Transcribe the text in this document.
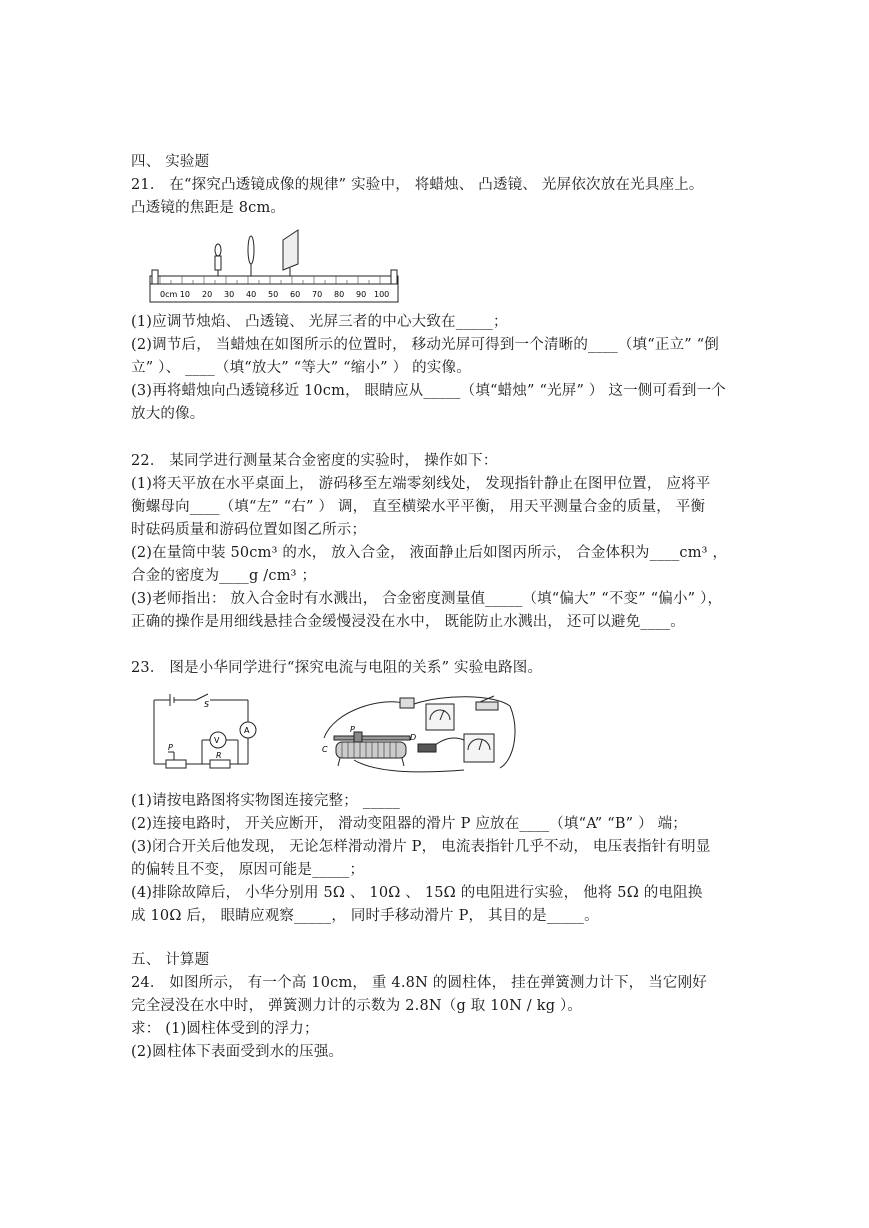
四、 实验题
21． 在“探究凸透镜成像的规律” 实验中， 将蜡烛、 凸透镜、 光屏依次放在光具座上。
凸透镜的焦距是 8cm。
0cm 10 20 30 40 50 60 70 80 90 100
(1)应调节烛焰、 凸透镜、 光屏三者的中心大致在_____；
(2)调节后， 当蜡烛在如图所示的位置时， 移动光屏可得到一个清晰的____（填“正立” “倒
立” ）、 ____（填“放大” “等大” “缩小” ） 的实像。
(3)再将蜡烛向凸透镜移近 10cm， 眼睛应从_____（填“蜡烛” “光屏” ） 这一侧可看到一个
放大的像。
22． 某同学进行测量某合金密度的实验时， 操作如下：
(1)将天平放在水平桌面上， 游码移至左端零刻线处， 发现指针静止在图甲位置， 应将平
衡螺母向____（填“左” “右” ） 调， 直至横梁水平平衡， 用天平测量合金的质量， 平衡
时砝码质量和游码位置如图乙所示；
(2)在量筒中装 50cm³ 的水， 放入合金， 液面静止后如图丙所示， 合金体积为____cm³ ，
合金的密度为____g /cm³ ；
(3)老师指出： 放入合金时有水溅出， 合金密度测量值_____（填“偏大” “不变” “偏小” ），
正确的操作是用细线悬挂合金缓慢浸没在水中， 既能防止水溅出， 还可以避免____。
23． 图是小华同学进行“探究电流与电阻的关系” 实验电路图。
S
A
V
P
R
C
D
P
(1)请按电路图将实物图连接完整； _____
(2)连接电路时， 开关应断开， 滑动变阻器的滑片 P 应放在____（填“A” “B” ） 端；
(3)闭合开关后他发现， 无论怎样滑动滑片 P， 电流表指针几乎不动， 电压表指针有明显
的偏转且不变， 原因可能是_____；
(4)排除故障后， 小华分别用 5Ω 、 10Ω 、 15Ω 的电阻进行实验， 他将 5Ω 的电阻换
成 10Ω 后， 眼睛应观察_____， 同时手移动滑片 P， 其目的是_____。
五、 计算题
24． 如图所示， 有一个高 10cm， 重 4.8N 的圆柱体， 挂在弹簧测力计下， 当它刚好
完全浸没在水中时， 弹簧测力计的示数为 2.8N（g 取 10N / kg ）。
求： (1)圆柱体受到的浮力；
(2)圆柱体下表面受到水的压强。
